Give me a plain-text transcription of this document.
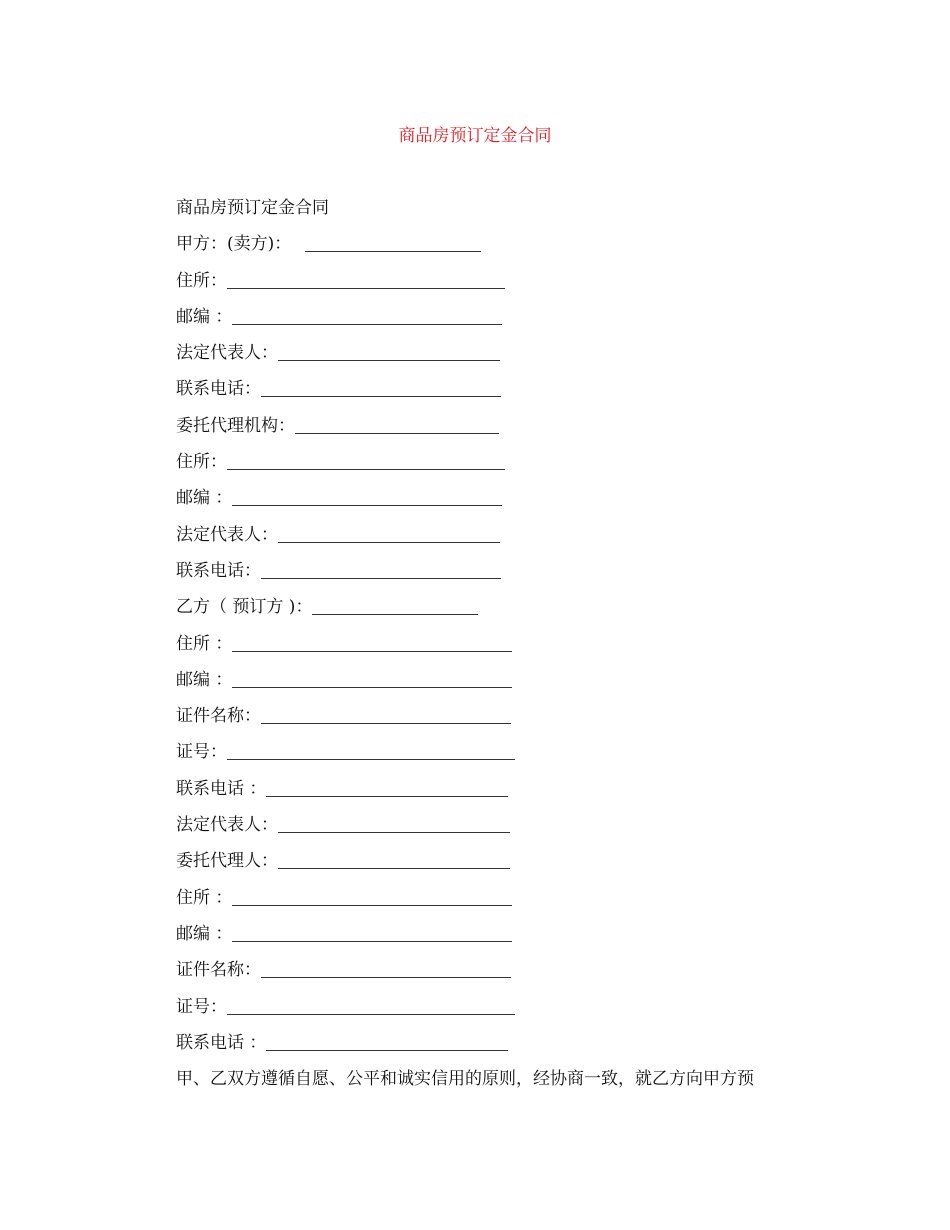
商品房预订定金合同
商品房预订定金合同
甲方：(卖方)：
住所：
邮编 ：
法定代表人：
联系电话：
委托代理机构：
住所：
邮编 ：
法定代表人：
联系电话：
乙方（ 预订方 )：
住所 ：
邮编 ：
证件名称：
证号：
联系电话 ：
法定代表人：
委托代理人：
住所 ：
邮编 ：
证件名称：
证号：
联系电话 ：
甲、乙双方遵循自愿、公平和诚实信用的原则，经协商一致，就乙方向甲方预
